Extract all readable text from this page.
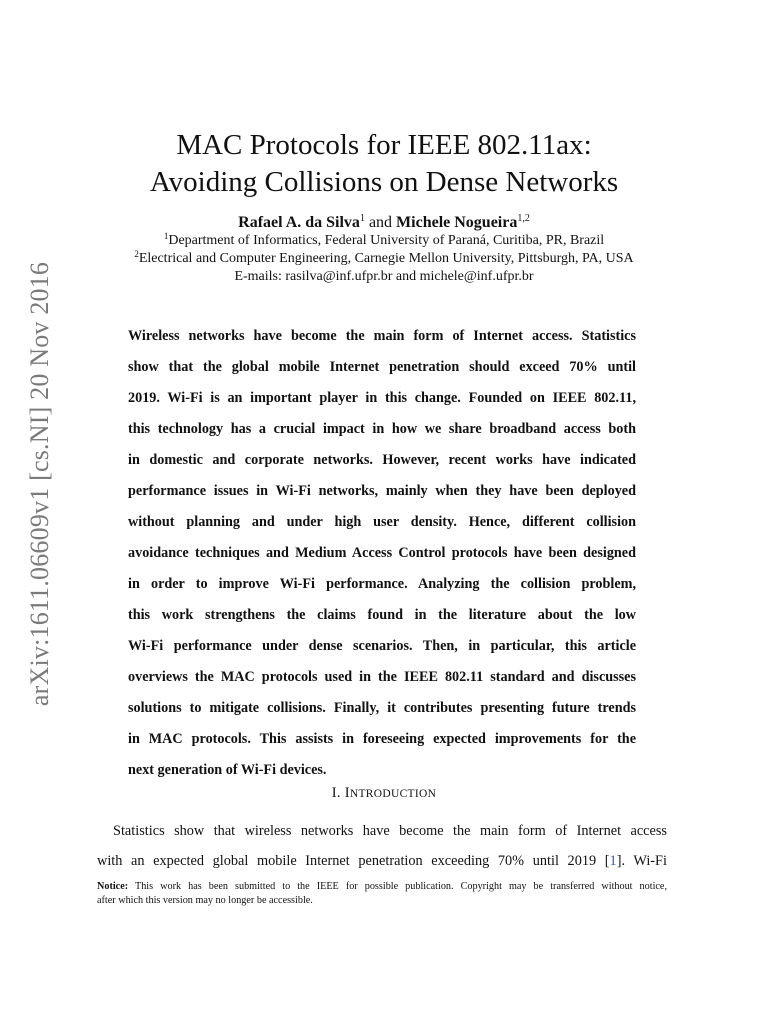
arXiv:1611.06609v1 [cs.NI] 20 Nov 2016
MAC Protocols for IEEE 802.11ax:
Avoiding Collisions on Dense Networks
Rafael A. da Silva$^1$ and Michele Nogueira$^{1,2}$
$^1$Department of Informatics, Federal University of Paraná, Curitiba, PR, Brazil
$^2$Electrical and Computer Engineering, Carnegie Mellon University, Pittsburgh, PA, USA
E-mails: rasilva@inf.ufpr.br and michele@inf.ufpr.br
Wireless networks have become the main form of Internet access. Statistics
show that the global mobile Internet penetration should exceed 70% until
2019. Wi-Fi is an important player in this change. Founded on IEEE 802.11,
this technology has a crucial impact in how we share broadband access both
in domestic and corporate networks. However, recent works have indicated
performance issues in Wi-Fi networks, mainly when they have been deployed
without planning and under high user density. Hence, different collision
avoidance techniques and Medium Access Control protocols have been designed
in order to improve Wi-Fi performance. Analyzing the collision problem,
this work strengthens the claims found in the literature about the low
Wi-Fi performance under dense scenarios. Then, in particular, this article
overviews the MAC protocols used in the IEEE 802.11 standard and discusses
solutions to mitigate collisions. Finally, it contributes presenting future trends
in MAC protocols. This assists in foreseeing expected improvements for the
next generation of Wi-Fi devices.
I. INTRODUCTION
Statistics show that wireless networks have become the main form of Internet access
with an expected global mobile Internet penetration exceeding 70% until 2019 [1]. Wi-Fi
Notice: This work has been submitted to the IEEE for possible publication. Copyright may be transferred without notice,
after which this version may no longer be accessible.
